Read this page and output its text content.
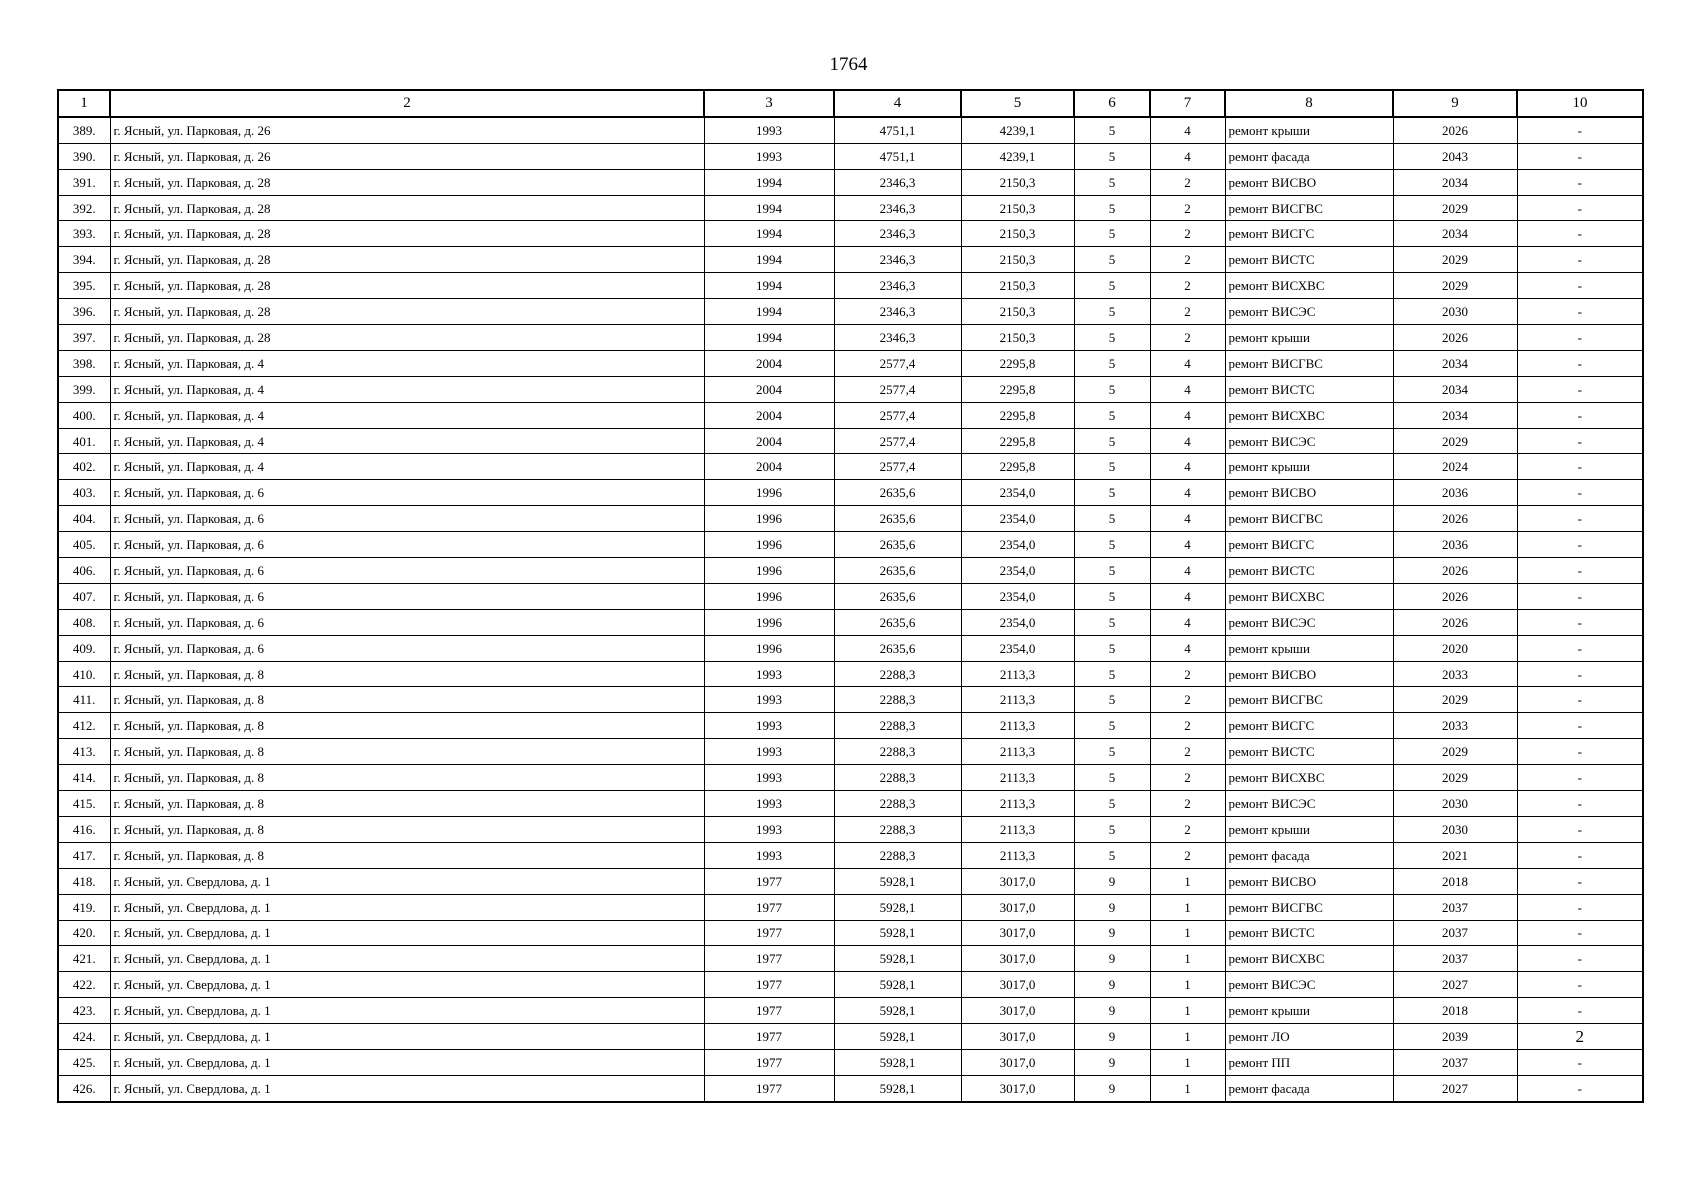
1764
1	2	3	4	5	6	7	8	9	10
389.	г. Ясный, ул. Парковая, д. 26	1993	4751,1	4239,1	5	4	ремонт крыши	2026	-
390.	г. Ясный, ул. Парковая, д. 26	1993	4751,1	4239,1	5	4	ремонт фасада	2043	-
391.	г. Ясный, ул. Парковая, д. 28	1994	2346,3	2150,3	5	2	ремонт ВИСВО	2034	-
392.	г. Ясный, ул. Парковая, д. 28	1994	2346,3	2150,3	5	2	ремонт ВИСГВС	2029	-
393.	г. Ясный, ул. Парковая, д. 28	1994	2346,3	2150,3	5	2	ремонт ВИСГС	2034	-
394.	г. Ясный, ул. Парковая, д. 28	1994	2346,3	2150,3	5	2	ремонт ВИСТС	2029	-
395.	г. Ясный, ул. Парковая, д. 28	1994	2346,3	2150,3	5	2	ремонт ВИСХВС	2029	-
396.	г. Ясный, ул. Парковая, д. 28	1994	2346,3	2150,3	5	2	ремонт ВИСЭС	2030	-
397.	г. Ясный, ул. Парковая, д. 28	1994	2346,3	2150,3	5	2	ремонт крыши	2026	-
398.	г. Ясный, ул. Парковая, д. 4	2004	2577,4	2295,8	5	4	ремонт ВИСГВС	2034	-
399.	г. Ясный, ул. Парковая, д. 4	2004	2577,4	2295,8	5	4	ремонт ВИСТС	2034	-
400.	г. Ясный, ул. Парковая, д. 4	2004	2577,4	2295,8	5	4	ремонт ВИСХВС	2034	-
401.	г. Ясный, ул. Парковая, д. 4	2004	2577,4	2295,8	5	4	ремонт ВИСЭС	2029	-
402.	г. Ясный, ул. Парковая, д. 4	2004	2577,4	2295,8	5	4	ремонт крыши	2024	-
403.	г. Ясный, ул. Парковая, д. 6	1996	2635,6	2354,0	5	4	ремонт ВИСВО	2036	-
404.	г. Ясный, ул. Парковая, д. 6	1996	2635,6	2354,0	5	4	ремонт ВИСГВС	2026	-
405.	г. Ясный, ул. Парковая, д. 6	1996	2635,6	2354,0	5	4	ремонт ВИСГС	2036	-
406.	г. Ясный, ул. Парковая, д. 6	1996	2635,6	2354,0	5	4	ремонт ВИСТС	2026	-
407.	г. Ясный, ул. Парковая, д. 6	1996	2635,6	2354,0	5	4	ремонт ВИСХВС	2026	-
408.	г. Ясный, ул. Парковая, д. 6	1996	2635,6	2354,0	5	4	ремонт ВИСЭС	2026	-
409.	г. Ясный, ул. Парковая, д. 6	1996	2635,6	2354,0	5	4	ремонт крыши	2020	-
410.	г. Ясный, ул. Парковая, д. 8	1993	2288,3	2113,3	5	2	ремонт ВИСВО	2033	-
411.	г. Ясный, ул. Парковая, д. 8	1993	2288,3	2113,3	5	2	ремонт ВИСГВС	2029	-
412.	г. Ясный, ул. Парковая, д. 8	1993	2288,3	2113,3	5	2	ремонт ВИСГС	2033	-
413.	г. Ясный, ул. Парковая, д. 8	1993	2288,3	2113,3	5	2	ремонт ВИСТС	2029	-
414.	г. Ясный, ул. Парковая, д. 8	1993	2288,3	2113,3	5	2	ремонт ВИСХВС	2029	-
415.	г. Ясный, ул. Парковая, д. 8	1993	2288,3	2113,3	5	2	ремонт ВИСЭС	2030	-
416.	г. Ясный, ул. Парковая, д. 8	1993	2288,3	2113,3	5	2	ремонт крыши	2030	-
417.	г. Ясный, ул. Парковая, д. 8	1993	2288,3	2113,3	5	2	ремонт фасада	2021	-
418.	г. Ясный, ул. Свердлова, д. 1	1977	5928,1	3017,0	9	1	ремонт ВИСВО	2018	-
419.	г. Ясный, ул. Свердлова, д. 1	1977	5928,1	3017,0	9	1	ремонт ВИСГВС	2037	-
420.	г. Ясный, ул. Свердлова, д. 1	1977	5928,1	3017,0	9	1	ремонт ВИСТС	2037	-
421.	г. Ясный, ул. Свердлова, д. 1	1977	5928,1	3017,0	9	1	ремонт ВИСХВС	2037	-
422.	г. Ясный, ул. Свердлова, д. 1	1977	5928,1	3017,0	9	1	ремонт ВИСЭС	2027	-
423.	г. Ясный, ул. Свердлова, д. 1	1977	5928,1	3017,0	9	1	ремонт крыши	2018	-
424.	г. Ясный, ул. Свердлова, д. 1	1977	5928,1	3017,0	9	1	ремонт ЛО	2039	2
425.	г. Ясный, ул. Свердлова, д. 1	1977	5928,1	3017,0	9	1	ремонт ПП	2037	-
426.	г. Ясный, ул. Свердлова, д. 1	1977	5928,1	3017,0	9	1	ремонт фасада	2027	-
